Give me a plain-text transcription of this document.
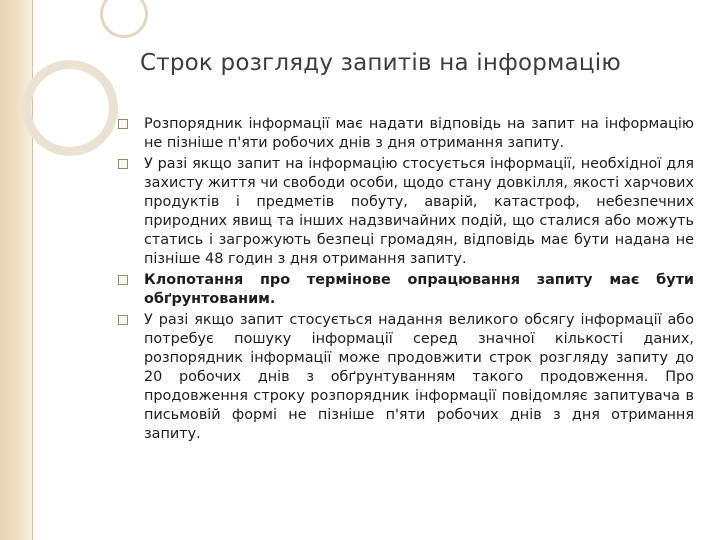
Строк розгляду запитів на інформацію
Розпорядник інформації має надати відповідь на запит на інформацію не пізніше п'яти робочих днів з дня отримання запиту.
У разі якщо запит на інформацію стосується інформації, необхідної для захисту життя чи свободи особи, щодо стану довкілля, якості харчових продуктів і предметів побуту, аварій, катастроф, небезпечних природних явищ та інших надзвичайних подій, що сталися або можуть статись і загрожують безпеці громадян, відповідь має бути надана не пізніше 48 годин з дня отримання запиту.
Клопотання про термінове опрацювання запиту має бути обґрунтованим.
У разі якщо запит стосується надання великого обсягу інформації або потребує пошуку інформації серед значної кількості даних, розпорядник інформації може продовжити строк розгляду запиту до 20 робочих днів з обґрунтуванням такого продовження. Про продовження строку розпорядник інформації повідомляє запитувача в письмовій формі не пізніше п'яти робочих днів з дня отримання запиту.
